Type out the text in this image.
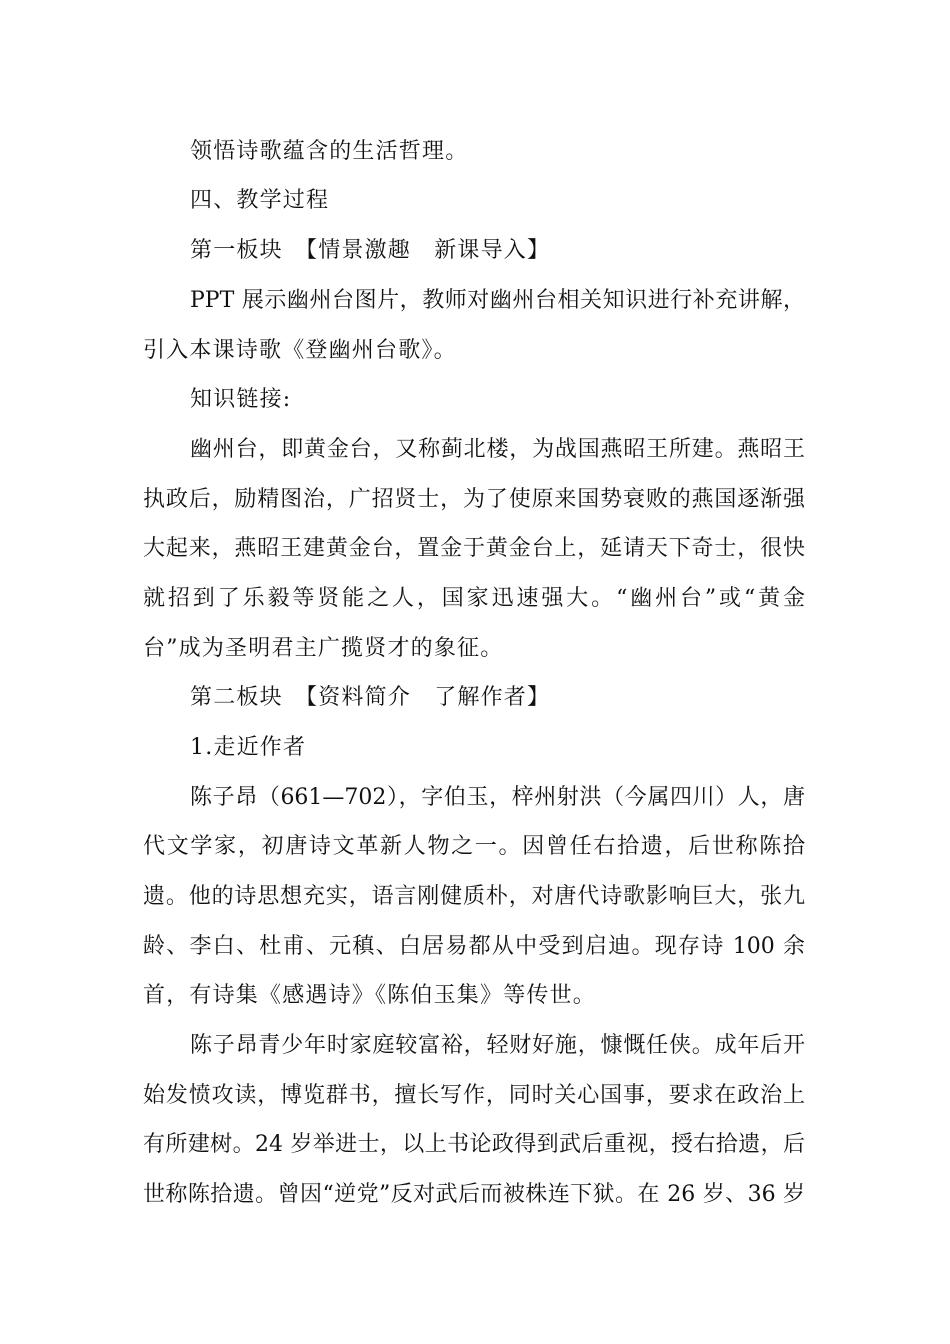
领悟诗歌蕴含的生活哲理。
四、教学过程
第一板块　【情景激趣　新课导入】
PPT 展示幽州台图片，教师对幽州台相关知识进行补充讲解，
引入本课诗歌《登幽州台歌》。
知识链接:
幽州台，即黄金台，又称蓟北楼，为战国燕昭王所建。燕昭王
执政后，励精图治，广招贤士，为了使原来国势衰败的燕国逐渐强
大起来，燕昭王建黄金台，置金于黄金台上，延请天下奇士，很快
就招到了乐毅等贤能之人，国家迅速强大。“幽州台”或“黄金
台”成为圣明君主广揽贤才的象征。
第二板块　【资料简介　了解作者】
1.走近作者
陈子昂（661—702），字伯玉，梓州射洪（今属四川）人，唐
代文学家，初唐诗文革新人物之一。因曾任右拾遗，后世称陈拾
遗。他的诗思想充实，语言刚健质朴，对唐代诗歌影响巨大，张九
龄、李白、杜甫、元稹、白居易都从中受到启迪。现存诗 100 余
首，有诗集《感遇诗》《陈伯玉集》等传世。
陈子昂青少年时家庭较富裕，轻财好施，慷慨任侠。成年后开
始发愤攻读，博览群书，擅长写作，同时关心国事，要求在政治上
有所建树。24 岁举进士，以上书论政得到武后重视，授右拾遗，后
世称陈拾遗。曾因“逆党”反对武后而被株连下狱。在 26 岁、36 岁
